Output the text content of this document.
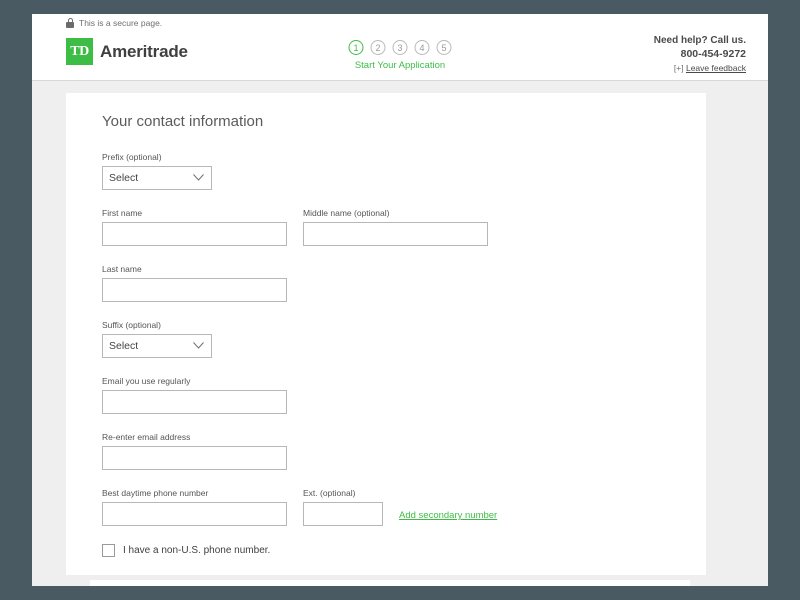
This is a secure page.
TD Ameritrade	1	2	3	4	5
Start Your Application
Need help? Call us.
800-454-9272
[+] Leave feedback
Your contact information
Prefix (optional)
Select
First name	Middle name (optional)
Last name
Suffix (optional)
Select
Email you use regularly
Re-enter email address
Best daytime phone number	Ext. (optional)
Add secondary number
I have a non-U.S. phone number.
